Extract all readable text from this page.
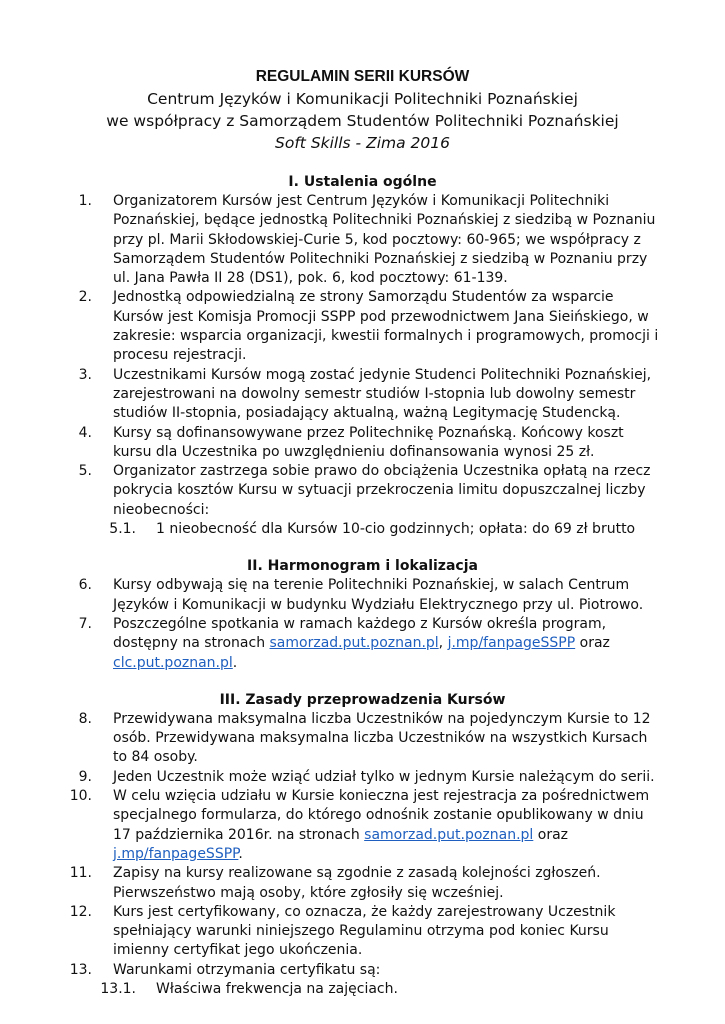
REGULAMIN SERII KURSÓW

Centrum Języków i Komunikacji Politechniki Poznańskiej

we współpracy z Samorządem Studentów Politechniki Poznańskiej

Soft Skills - Zima 2016

I. Ustalenia ogólne

1. Organizatorem Kursów jest Centrum Języków i Komunikacji Politechniki Poznańskiej, będące jednostką Politechniki Poznańskiej z siedzibą w Poznaniu przy pl. Marii Skłodowskiej-Curie 5, kod pocztowy: 60-965; we współpracy z Samorządem Studentów Politechniki Poznańskiej z siedzibą w Poznaniu przy ul. Jana Pawła II 28 (DS1), pok. 6, kod pocztowy: 61-139.
2. Jednostką odpowiedzialną ze strony Samorządu Studentów za wsparcie Kursów jest Komisja Promocji SSPP pod przewodnictwem Jana Sieińskiego, w zakresie: wsparcia organizacji, kwestii formalnych i programowych, promocji i procesu rejestracji.
3. Uczestnikami Kursów mogą zostać jedynie Studenci Politechniki Poznańskiej, zarejestrowani na dowolny semestr studiów I-stopnia lub dowolny semestr studiów II-stopnia, posiadający aktualną, ważną Legitymację Studencką.
4. Kursy są dofinansowywane przez Politechnikę Poznańską. Końcowy koszt kursu dla Uczestnika po uwzględnieniu dofinansowania wynosi 25 zł.
5. Organizator zastrzega sobie prawo do obciążenia Uczestnika opłatą na rzecz pokrycia kosztów Kursu w sytuacji przekroczenia limitu dopuszczalnej liczby nieobecności:
5.1. 1 nieobecność dla Kursów 10-cio godzinnych; opłata: do 69 zł brutto

II. Harmonogram i lokalizacja

6. Kursy odbywają się na terenie Politechniki Poznańskiej, w salach Centrum Języków i Komunikacji w budynku Wydziału Elektrycznego przy ul. Piotrowo.
7. Poszczególne spotkania w ramach każdego z Kursów określa program, dostępny na stronach samorzad.put.poznan.pl, j.mp/fanpageSSPP oraz clc.put.poznan.pl.

III. Zasady przeprowadzenia Kursów

8. Przewidywana maksymalna liczba Uczestników na pojedynczym Kursie to 12 osób. Przewidywana maksymalna liczba Uczestników na wszystkich Kursach to 84 osoby.
9. Jeden Uczestnik może wziąć udział tylko w jednym Kursie należącym do serii.
10. W celu wzięcia udziału w Kursie konieczna jest rejestracja za pośrednictwem specjalnego formularza, do którego odnośnik zostanie opublikowany w dniu 17 października 2016r. na stronach samorzad.put.poznan.pl oraz j.mp/fanpageSSPP.
11. Zapisy na kursy realizowane są zgodnie z zasadą kolejności zgłoszeń. Pierwszeństwo mają osoby, które zgłosiły się wcześniej.
12. Kurs jest certyfikowany, co oznacza, że każdy zarejestrowany Uczestnik spełniający warunki niniejszego Regulaminu otrzyma pod koniec Kursu imienny certyfikat jego ukończenia.
13. Warunkami otrzymania certyfikatu są:
13.1. Właściwa frekwencja na zajęciach.
